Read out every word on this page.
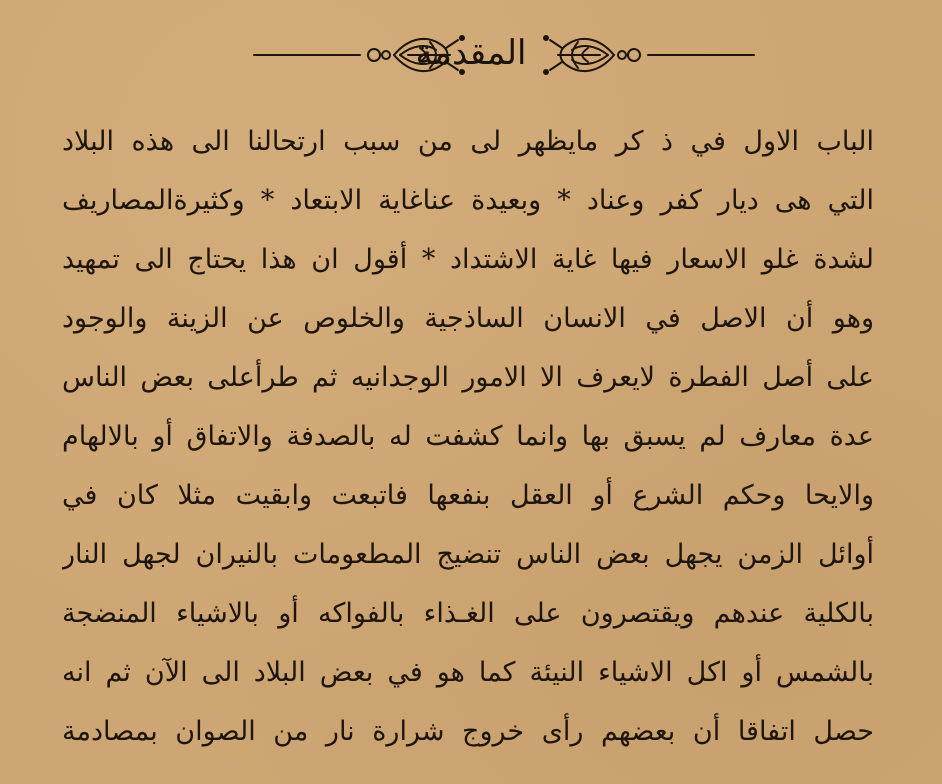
المقدمة
الباب الاول في ذ كر مايظهر لى من سبب ارتحالنا الى هذه البلاد
التي هى ديار كفر وعناد * وبعيدة عناغاية الابتعاد * وكثيرةالمصاريف
لشدة غلو الاسعار فيها غاية الاشتداد * أقول ان هذا يحتاج الى تمهيد
وهو أن الاصل في الانسان الساذجية والخلوص عن الزينة والوجود
على أصل الفطرة لايعرف الا الامور الوجدانيه ثم طرأعلى بعض الناس
عدة معارف لم يسبق بها وانما كشفت له بالصدفة والاتفاق أو بالالهام
والايحا وحكم الشرع أو العقل بنفعها فاتبعت وابقيت مثلا كان في
أوائل الزمن يجهل بعض الناس تنضيج المطعومات بالنيران لجهل النار
بالكلية عندهم ويقتصرون على الغـذاء بالفواكه أو بالاشياء المنضجة
بالشمس أو اكل الاشياء النيئة كما هو في بعض البلاد الى الآن ثم انه
حصل اتفاقا أن بعضهم رأى خروج شرارة نار من الصوان بمصادمة
